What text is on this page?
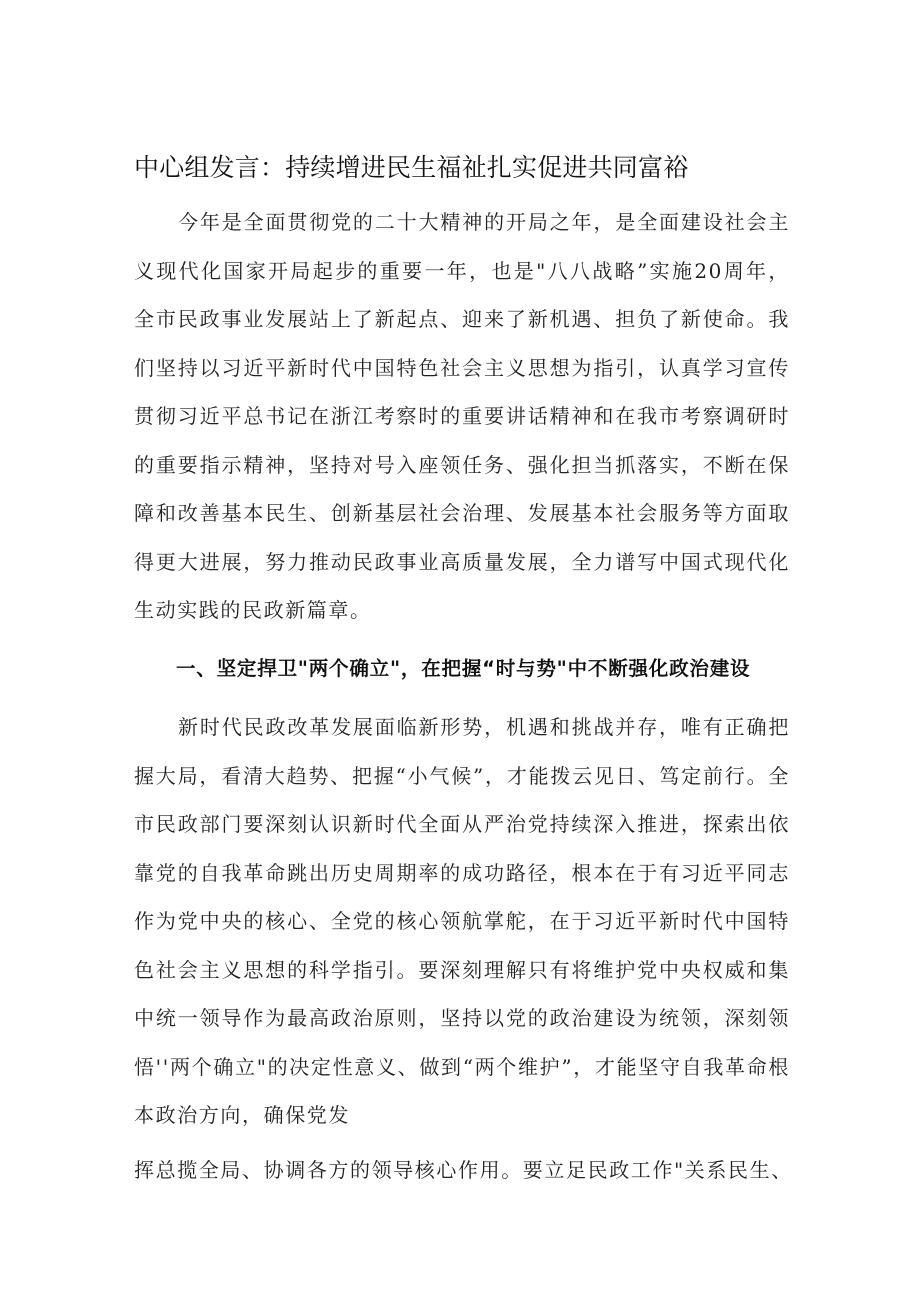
中心组发言：持续增进民生福祉扎实促进共同富裕

今年是全面贯彻党的二十大精神的开局之年，是全面建设社会主义现代化国家开局起步的重要一年，也是"八八战略”实施20周年，全市民政事业发展站上了新起点、迎来了新机遇、担负了新使命。我们坚持以习近平新时代中国特色社会主义思想为指引，认真学习宣传贯彻习近平总书记在浙江考察时的重要讲话精神和在我市考察调研时的重要指示精神，坚持对号入座领任务、强化担当抓落实，不断在保障和改善基本民生、创新基层社会治理、发展基本社会服务等方面取得更大进展，努力推动民政事业高质量发展，全力谱写中国式现代化生动实践的民政新篇章。

一、坚定捍卫"两个确立"，在把握“时与势"中不断强化政治建设

新时代民政改革发展面临新形势，机遇和挑战并存，唯有正确把握大局，看清大趋势、把握“小气候”，才能拨云见日、笃定前行。全市民政部门要深刻认识新时代全面从严治党持续深入推进，探索出依靠党的自我革命跳出历史周期率的成功路径，根本在于有习近平同志作为党中央的核心、全党的核心领航掌舵，在于习近平新时代中国特色社会主义思想的科学指引。要深刻理解只有将维护党中央权威和集中统一领导作为最高政治原则，坚持以党的政治建设为统领，深刻领悟''两个确立"的决定性意义、做到“两个维护”，才能坚守自我革命根本政治方向，确保党发

挥总揽全局、协调各方的领导核心作用。要立足民政工作"关系民生、
